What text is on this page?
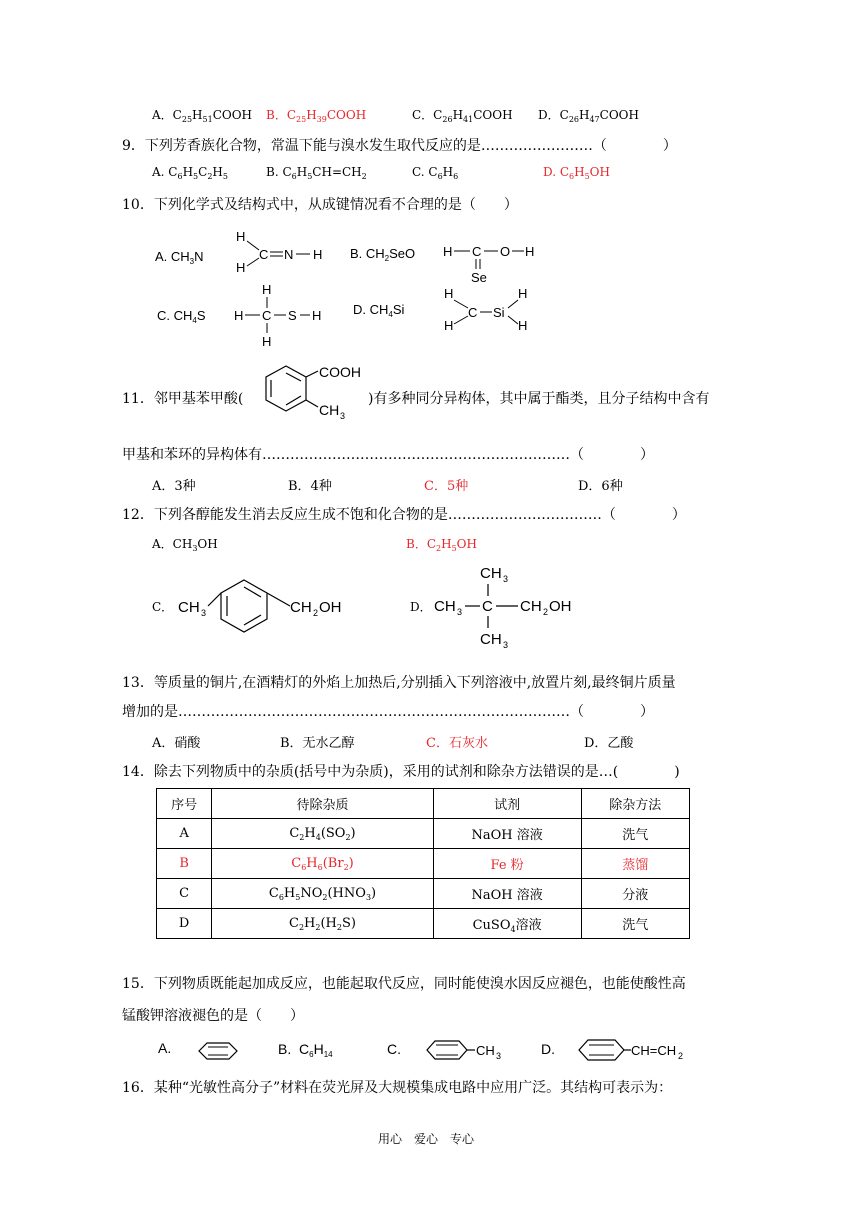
A．$C_{25}H_{51}COOH$ B．$C_{25}H_{39}COOH$	C．$C_{26}H_{41}COOH$ D．$C_{26}H_{47}COOH$
9．下列芳香族化合物，常温下能与溴水发生取代反应的是……………………（　　　　）
A. $C_6H_5C_2H_5$	B. $C_6H_5CH=CH_2$	C. $C_6H_6$	D. $C_6H_5OH$
10．下列化学式及结构式中，从成键情况看不合理的是（　　）
A. $CH_3N$
H
H
C N H B. $CH_2SeO$ H C O H
Se
C. $CH_4S$
H
H C S H
H
D. $CH_4Si$
H
H
C Si
H
H
11．邻甲基苯甲酸(
COOH
CH 3
)有多种同分异构体，其中属于酯类，且分子结构中含有
甲基和苯环的异构体有…………………………………………………………（　　　　）
A．3种	B．4种	C．5种	D．6种
12．下列各醇能发生消去反应生成不饱和化合物的是……………………………（　　　　）
A．$CH_3OH$	B．$C_2H_5OH$
C． CH 3	CH 2 OH	D．
CH 3
CH 3 C CH 2 OH
CH 3
13．等质量的铜片,在酒精灯的外焰上加热后,分别插入下列溶液中,放置片刻,最终铜片质量
增加的是…………………………………………………………………………（　　　　）
A．硝酸	B．无水乙醇	C．石灰水	D．乙酸
14．除去下列物质中的杂质(括号中为杂质)，采用的试剂和除杂方法错误的是…(　　　　)
序号	待除杂质	试剂	除杂方法
A	$C_2H_4(SO_2)$	NaOH 溶液	洗气
B	$C_6H_6(Br_2)$	Fe 粉	蒸馏
C	$C_6H_5NO_2(HNO_3)$	NaOH 溶液	分液
D	$C_2H_2(H_2S)$	CuSO$_4$溶液	洗气
15．下列物质既能起加成反应，也能起取代反应，同时能使溴水因反应褪色，也能使酸性高
锰酸钾溶液褪色的是（　　）
A.	B. $C_6H_{14}$	C.	CH 3	D.	CH=CH 2
16．某种“光敏性高分子”材料在荧光屏及大规模集成电路中应用广泛。其结构可表示为：
用心　爱心　专心
